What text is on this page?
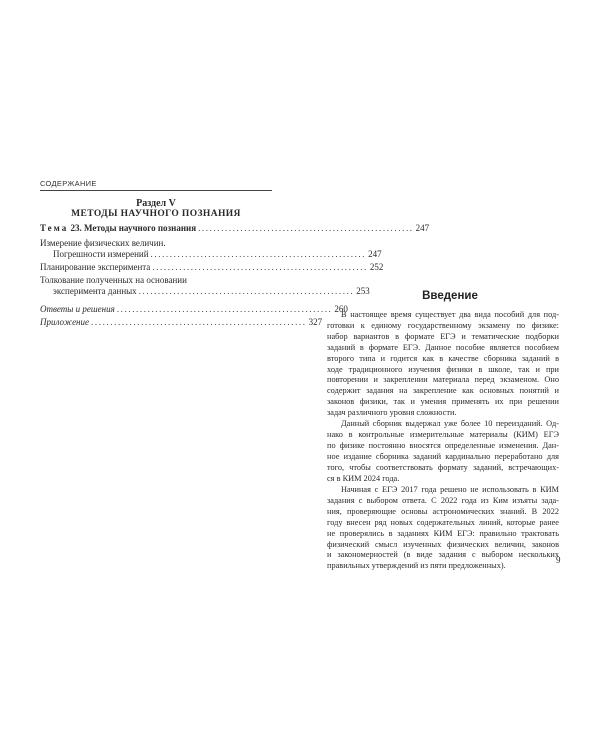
СОДЕРЖАНИЕ
Раздел V
МЕТОДЫ НАУЧНОГО ПОЗНАНИЯ
Тема 23. Методы научного познания ........................................................ 247
Измерение физических величин.
Погрешности измерений ........................................................ 247
Планирование эксперимента ........................................................ 252
Толкование полученных на основании
эксперимента данных ........................................................ 253
Ответы и решения ........................................................ 260
Приложение ........................................................ 327
Введение
В настоящее время существует два вида пособий для под-
готовки к единому государственному экзамену по физике:
набор вариантов в формате ЕГЭ и тематические подборки
заданий в формате ЕГЭ. Данное пособие является пособием
второго типа и годится как в качестве сборника заданий в
ходе традиционного изучения физики в школе, так и при
повторении и закреплении материала перед экзаменом. Оно
содержит задания на закрепление как основных понятий и
законов физики, так и умения применять их при решении
задач различного уровня сложности.
Данный сборник выдержал уже более 10 переизданий. Од-
нако в контрольные измерительные материалы (КИМ) ЕГЭ
по физике постоянно вносятся определенные изменения. Дан-
ное издание сборника заданий кардинально переработано для
того, чтобы соответствовать формату заданий, встречающих-
ся в КИМ 2024 года.
Начиная с ЕГЭ 2017 года решено не использовать в КИМ
задания с выбором ответа. С 2022 года из Ким изъяты зада-
ния, проверяющие основы астрономических знаний. В 2022
году внесен ряд новых содержательных линий, которые ранее
не проверялись в заданиях КИМ ЕГЭ: правильно трактовать
физический смысл изученных физических величин, законов
и закономерностей (в виде задания с выбором нескольких
правильных утверждений из пяти предложенных).
9
